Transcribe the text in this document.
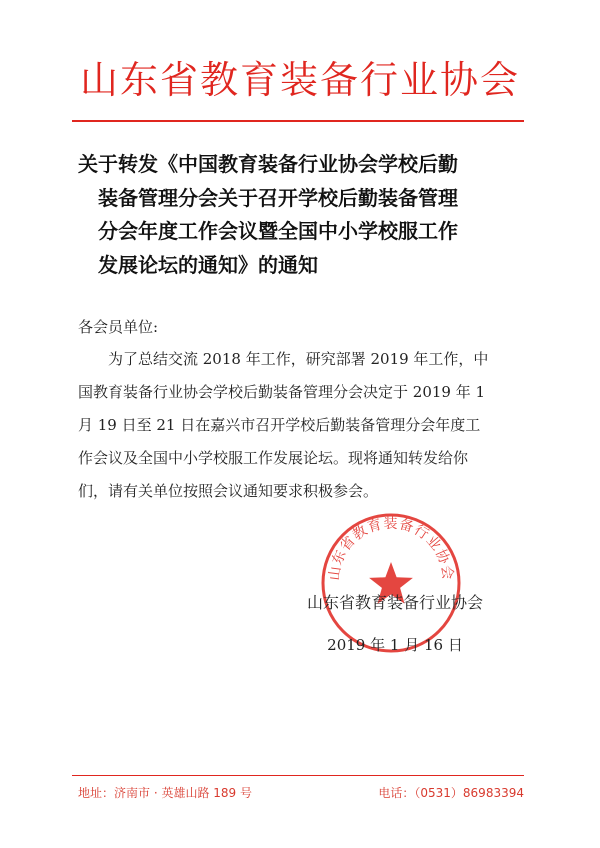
山东省教育装备行业协会
关于转发《中国教育装备行业协会学校后勤
装备管理分会关于召开学校后勤装备管理
分会年度工作会议暨全国中小学校服工作
发展论坛的通知》的通知
各会员单位:
为了总结交流 2018 年工作，研究部署 2019 年工作，中
国教育装备行业协会学校后勤装备管理分会决定于 2019 年 1
月 19 日至 21 日在嘉兴市召开学校后勤装备管理分会年度工
作会议及全国中小学校服工作发展论坛。现将通知转发给你
们，请有关单位按照会议通知要求积极参会。
山东省教育装备行业协会
山东省教育装备行业协会
2019 年 1 月 16 日
地址：济南市 · 英雄山路 189 号	电话：（0531）86983394
